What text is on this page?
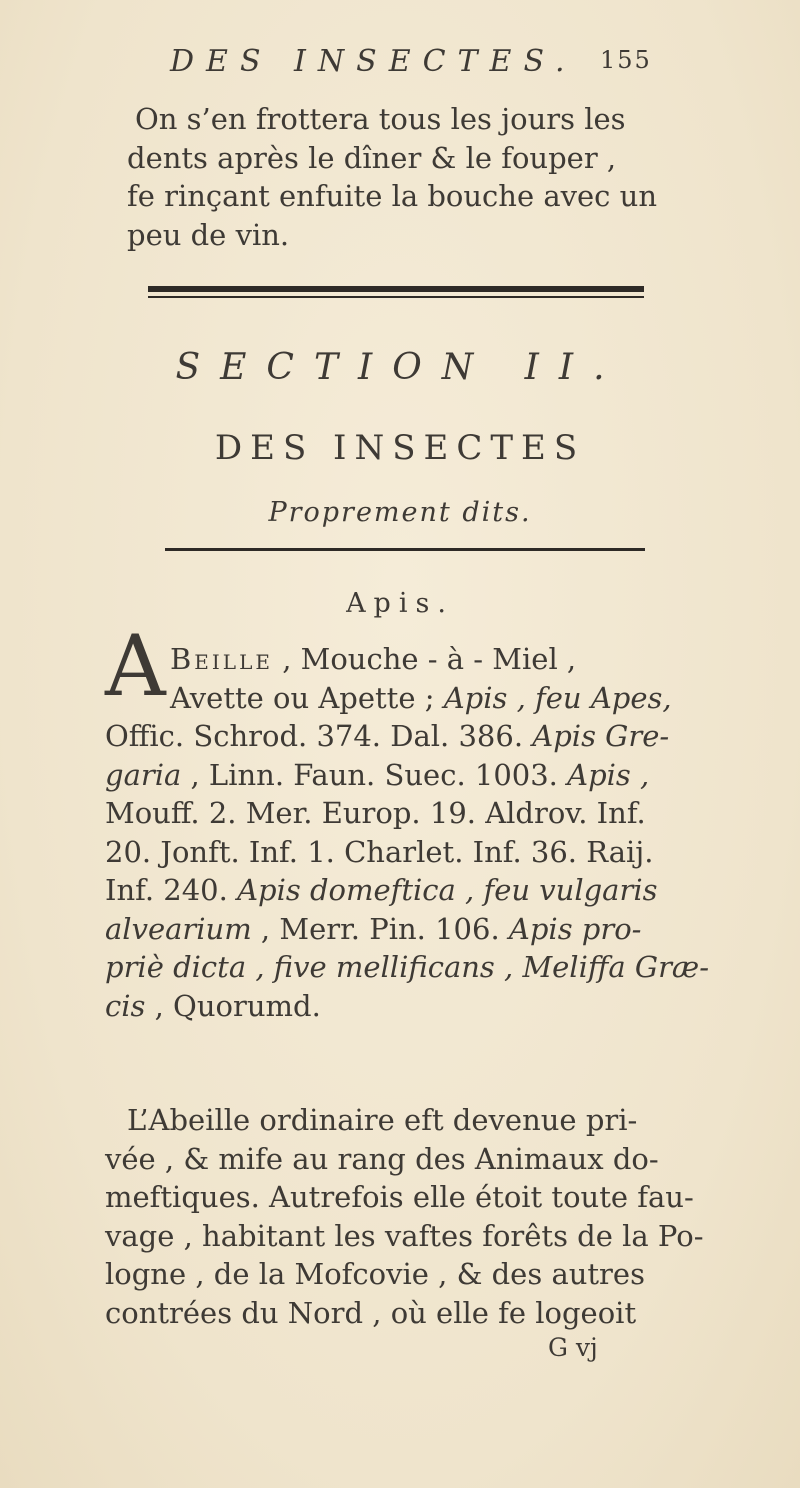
DES INSECTES. 155
On s’en frottera tous les jours les
dents après le dîner & le fouper ,
fe rinçant enfuite la bouche avec un
peu de vin.
SECTION II.
DES INSECTES
Proprement dits.
Apis.
A Beille , Mouche - à - Miel ,
Avette ou Apette ; Apis , feu Apes,
Offic. Schrod. 374. Dal. 386. Apis Gre-
garia , Linn. Faun. Suec. 1003. Apis ,
Mouff. 2. Mer. Europ. 19. Aldrov. Inf.
20. Jonft. Inf. 1. Charlet. Inf. 36. Raij.
Inf. 240. Apis domeftica , feu vulgaris
alvearium , Merr. Pin. 106. Apis pro-
priè dicta , five mellificans , Meliffa Græ-
cis , Quorumd.
L’Abeille ordinaire eft devenue pri-
vée , & mife au rang des Animaux do-
meftiques. Autrefois elle étoit toute fau-
vage , habitant les vaftes forêts de la Po-
logne , de la Mofcovie , & des autres
contrées du Nord , où elle fe logeoit
G vj
